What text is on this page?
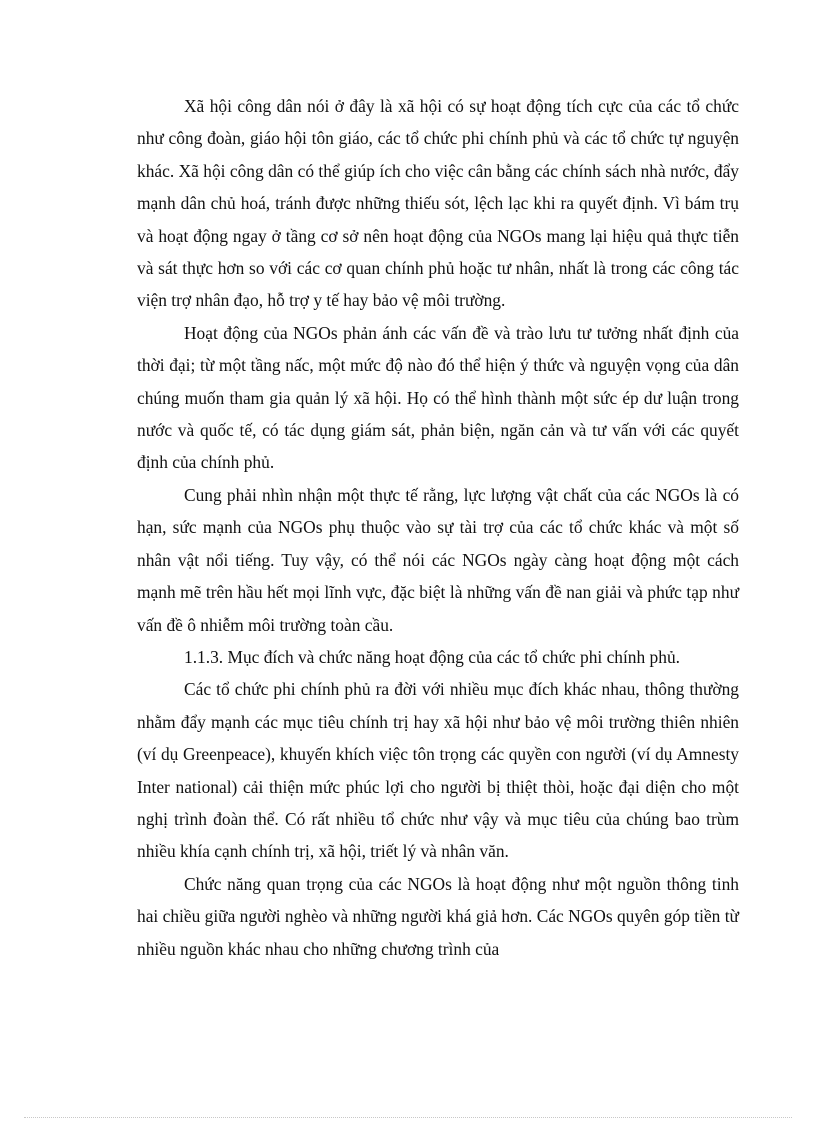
Xã hội công dân nói ở đây là xã hội có sự hoạt động tích cực của các tổ chức như công đoàn, giáo hội tôn giáo, các tổ chức phi chính phủ và các tổ chức tự nguyện khác. Xã hội công dân có thể giúp ích cho việc cân bằng các chính sách nhà nước, đẩy mạnh dân chủ hoá, tránh được những thiếu sót, lệch lạc khi ra quyết định. Vì bám trụ và hoạt động ngay ở tầng cơ sở nên hoạt động của NGOs mang lại hiệu quả thực tiễn và sát thực hơn so với các cơ quan chính phủ hoặc tư nhân, nhất là trong các công tác viện trợ nhân đạo, hỗ trợ y tế hay bảo vệ môi trường.

Hoạt động của NGOs phản ánh các vấn đề và trào lưu tư tưởng nhất định của thời đại; từ một tầng nấc, một mức độ nào đó thể hiện ý thức và nguyện vọng của dân chúng muốn tham gia quản lý xã hội. Họ có thể hình thành một sức ép dư luận trong nước và quốc tế, có tác dụng giám sát, phản biện, ngăn cản và tư vấn với các quyết định của chính phủ.

Cung phải nhìn nhận một thực tế rằng, lực lượng vật chất của các NGOs là có hạn, sức mạnh của NGOs phụ thuộc vào sự tài trợ của các tổ chức khác và một số nhân vật nổi tiếng. Tuy vậy, có thể nói các NGOs ngày càng hoạt động một cách mạnh mẽ trên hầu hết mọi lĩnh vực, đặc biệt là những vấn đề nan giải và phức tạp như vấn đề ô nhiễm môi trường toàn cầu.

1.1.3. Mục đích và chức năng hoạt động của các tổ chức phi chính phủ.

Các tổ chức phi chính phủ ra đời với nhiều mục đích khác nhau, thông thường nhằm đẩy mạnh các mục tiêu chính trị hay xã hội như bảo vệ môi trường thiên nhiên (ví dụ Greenpeace), khuyến khích việc tôn trọng các quyền con người (ví dụ Amnesty Inter national) cải thiện mức phúc lợi cho người bị thiệt thòi, hoặc đại diện cho một nghị trình đoàn thể. Có rất nhiều tổ chức như vậy và mục tiêu của chúng bao trùm nhiều khía cạnh chính trị, xã hội, triết lý và nhân văn.

Chức năng quan trọng của các NGOs là hoạt động như một nguồn thông tinh hai chiều giữa người nghèo và những người khá giả hơn. Các NGOs quyên góp tiền từ nhiều nguồn khác nhau cho những chương trình của
